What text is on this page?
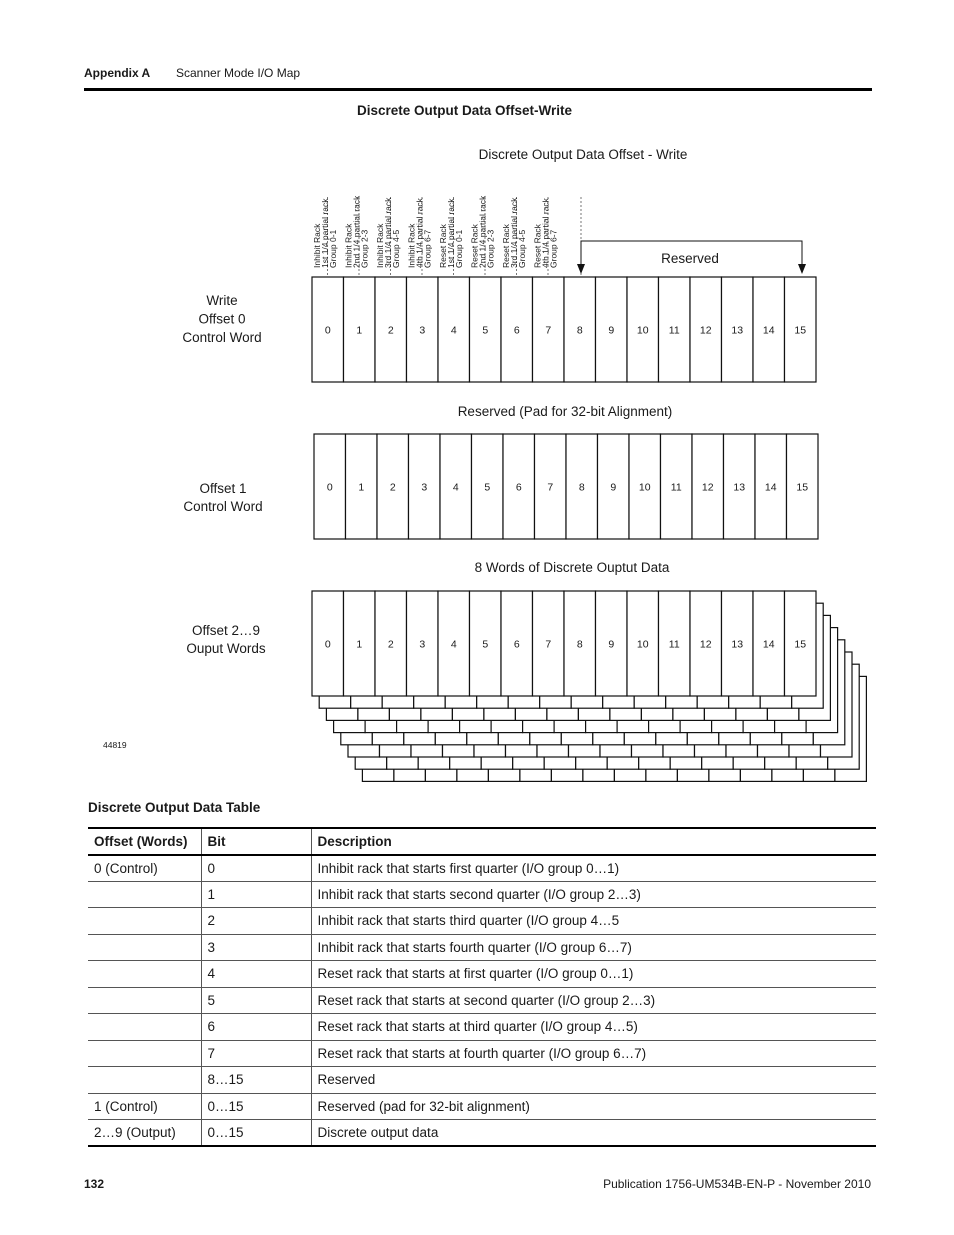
Appendix A Scanner Mode I/O Map
Discrete Output Data Offset-Write
Discrete Output Data Offset - Write
Inhibit Rack
1st 1/4 partial rack
Group 0-1 Inhibit Rack
2nd 1/4 partial rack
Group 2-3 Inhibit Rack
3rd 1/4 partial rack
Group 4-5 Inhibit Rack
4th 1/4 partial rack
Group 6-7 Reset Rack
1st 1/4 partial rack
Group 0-1 Reset Rack
2nd 1/4 partial rack
Group 2-3 Reset Rack
3rd 1/4 partial rack
Group 4-5 Reset Rack
4th 1/4 partial rack
Group 6-7	Reserved
0 1 2 3 4 5 6 7 8 9 10 11 12 13 14 15
Write
Offset 0
Control Word
Reserved (Pad for 32-bit Alignment)
0 1 2 3 4 5 6 7 8 9 10 11 12 13 14 15
Offset 1
Control Word
8 Words of Discrete Ouptut Data
0 1 2 3 4 5 6 7 8 9 10 11 12 13 14 15
Offset 2…9
Ouput Words
44819
Discrete Output Data Table
Offset (Words)	Bit	Description
0 (Control)	0	Inhibit rack that starts first quarter (I/O group 0…1)
	1	Inhibit rack that starts second quarter (I/O group 2…3)
	2	Inhibit rack that starts third quarter (I/O group 4…5
	3	Inhibit rack that starts fourth quarter (I/O group 6…7)
	4	Reset rack that starts at first quarter (I/O group 0…1)
	5	Reset rack that starts at second quarter (I/O group 2…3)
	6	Reset rack that starts at third quarter (I/O group 4…5)
	7	Reset rack that starts at fourth quarter (I/O group 6…7)
	8…15	Reserved
1 (Control)	0…15	Reserved (pad for 32-bit alignment)
2…9 (Output)	0…15	Discrete output data
132	Publication 1756-UM534B-EN-P - November 2010
